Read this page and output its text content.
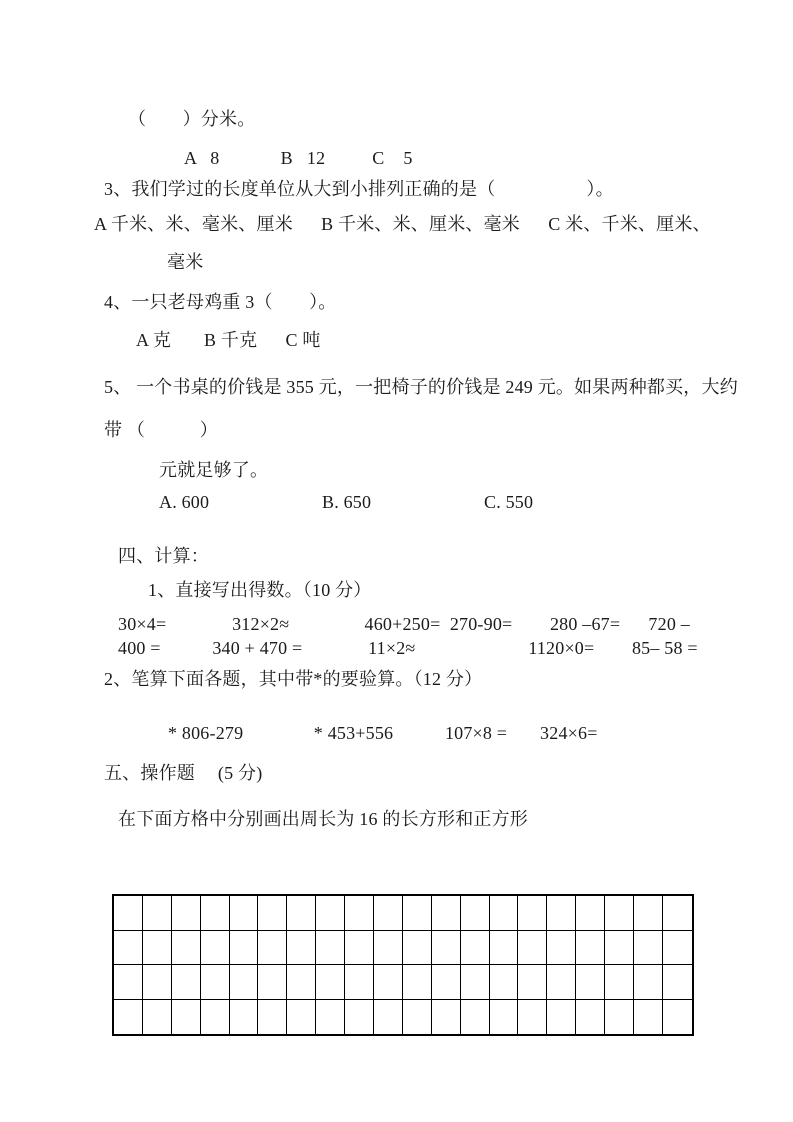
（　　）分米。
A   8             B   12          C    5
3、我们学过的长度单位从大到小排列正确的是（　　　　　）。
A 千米、米、毫米、厘米      B 千米、米、厘米、毫米      C 米、千米、厘米、
毫米
4、一只老母鸡重 3（　　）。
A 克       B 千克      C 吨
5、 一个书桌的价钱是 355 元，一把椅子的价钱是 249 元。如果两种都买，大约
带 （　　　）
元就足够了。
A. 600                        B. 650                        C. 550
四、计算：
1、直接写出得数。（10 分）
30×4=              312×2≈                460+250=  270-90=        280 –67=      720 –
400 =           340 + 470 =              11×2≈                        1120×0=        85– 58 =
2、笔算下面各题，其中带*的要验算。（12 分）
* 806-279               * 453+556           107×8 =       324×6=
五、操作题　 (5 分)
在下面方格中分别画出周长为 16 的长方形和正方形
